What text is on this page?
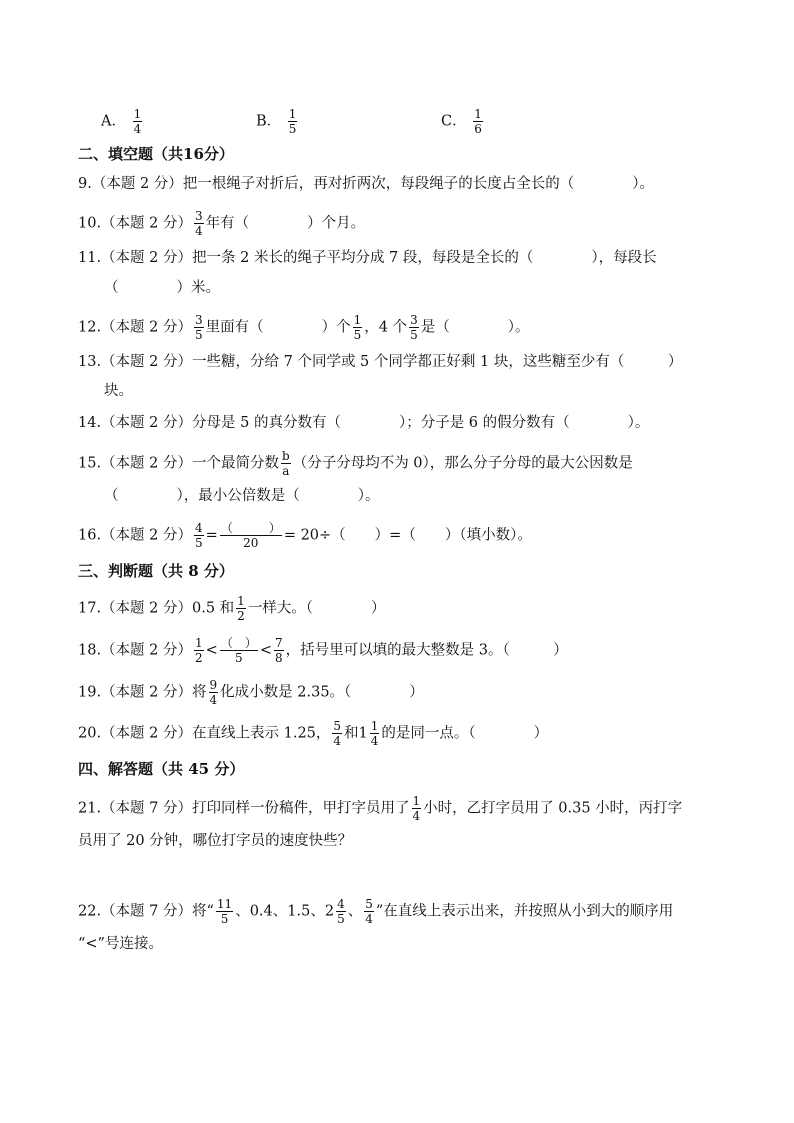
A． $\frac{1}{4}$	B． $\frac{1}{5}$	C． $\frac{1}{6}$
二、填空题（共16分）
9.（本题 2 分）把一根绳子对折后，再对折两次，每段绳子的长度占全长的（　　　　）。
10.（本题 2 分） $\frac{3}{4}$ 年有（　　　　）个月。
11.（本题 2 分）把一条 2 米长的绳子平均分成 7 段，每段是全长的（　　　　），每段长
（　　　　）米。
12.（本题 2 分） $\frac{3}{5}$ 里面有（　　　　）个 $\frac{1}{5}$ ，4 个 $\frac{3}{5}$ 是（　　　　）。
13.（本题 2 分）一些糖，分给 7 个同学或 5 个同学都正好剩 1 块，这些糖至少有（　　　）
块。
14.（本题 2 分）分母是 5 的真分数有（　　　　）；分子是 6 的假分数有（　　　　）。
15.（本题 2 分）一个最简分数 $\frac{b}{a}$ （分子分母均不为 0），那么分子分母的最大公因数是
（　　　　），最小公倍数是（　　　　）。
16.（本题 2 分） $\frac{4}{5} = \frac{( )}{20} = 20\div$（　　）=（　　）（填小数）。
三、判断题（共 8 分）
17.（本题 2 分）0.5 和 $\frac{1}{2}$ 一样大。（　　　　）
18.（本题 2 分） $\frac{1}{2} < \frac{( )}{5} < \frac{7}{8}$ ，括号里可以填的最大整数是 3。（　　　）
19.（本题 2 分）将 $\frac{9}{4}$ 化成小数是 2.35。（　　　　）
20.（本题 2 分）在直线上表示 1.25， $\frac{5}{4}$ 和$1 \frac{1}{4}$ 的是同一点。（　　　　）
四、解答题（共 45 分）
21.（本题 7 分）打印同样一份稿件，甲打字员用了 $\frac{1}{4}$ 小时，乙打字员用了 0.35 小时，丙打字
员用了 20 分钟，哪位打字员的速度快些？
22.（本题 7 分）将“ $\frac{11}{5}$ 、0.4、1.5、$2 \frac{4}{5}$ 、 $\frac{5}{4}$ ”在直线上表示出来，并按照从小到大的顺序用
“<”号连接。
